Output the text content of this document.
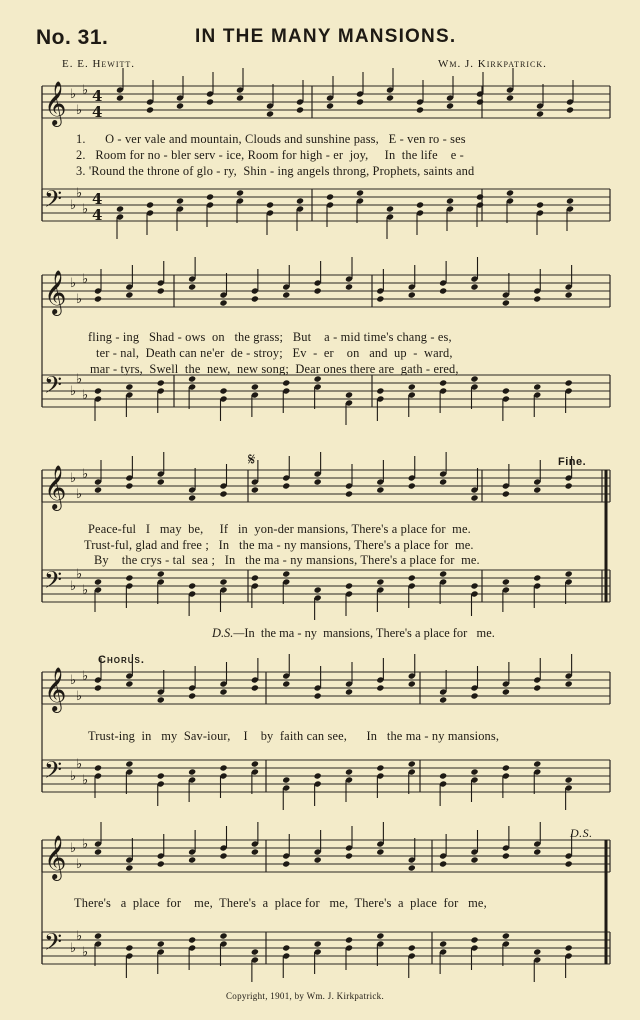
No. 31.	IN THE MANY MANSIONS.
E. E. Hewitt.	Wm. J. Kirkpatrick.
𝄞 ♭
♭
♭ 4
4
𝄢 ♭
♭
♭
4
4
𝄞 ♭
♭
♭
𝄢 ♭
♭
♭
𝄞 ♭
♭
♭
𝄢 ♭
♭
♭
𝄞 ♭
♭
♭
𝄢 ♭
♭
♭
𝄞 ♭
♭
♭
𝄢 ♭
♭
♭
1.      O - ver vale and mountain, Clouds and sunshine pass,   E - ven ro - ses
2.   Room for no - bler serv - ice, Room for high - er  joy,     In  the life    e -
3. 'Round the throne of glo - ry,  Shin - ing angels throng, Prophets, saints and
fling - ing   Shad - ows  on   the grass;   But    a - mid time's chang - es,
ter - nal,  Death can ne'er  de - stroy;   Ev  -  er    on   and  up  -  ward,
mar - tyrs,  Swell  the  new,  new song;  Dear ones there are  gath - ered,
Fine.
𝄋
Peace-ful   I   may  be,     If   in  yon-der mansions, There's a place for  me.
Trust-ful, glad and free ;   In   the ma - ny mansions, There's a place for  me.
By    the crys - tal  sea ;   In   the ma - ny mansions, There's a place for  me.
D.S.—In  the ma - ny  mansions, There's a place for   me.
Chorus.
Trust-ing  in   my  Sav-iour,    I    by  faith can see,      In   the ma - ny mansions,
D.S.
There's   a  place  for    me,  There's  a  place for   me,  There's  a  place  for   me,
Copyright, 1901, by Wm. J. Kirkpatrick.
